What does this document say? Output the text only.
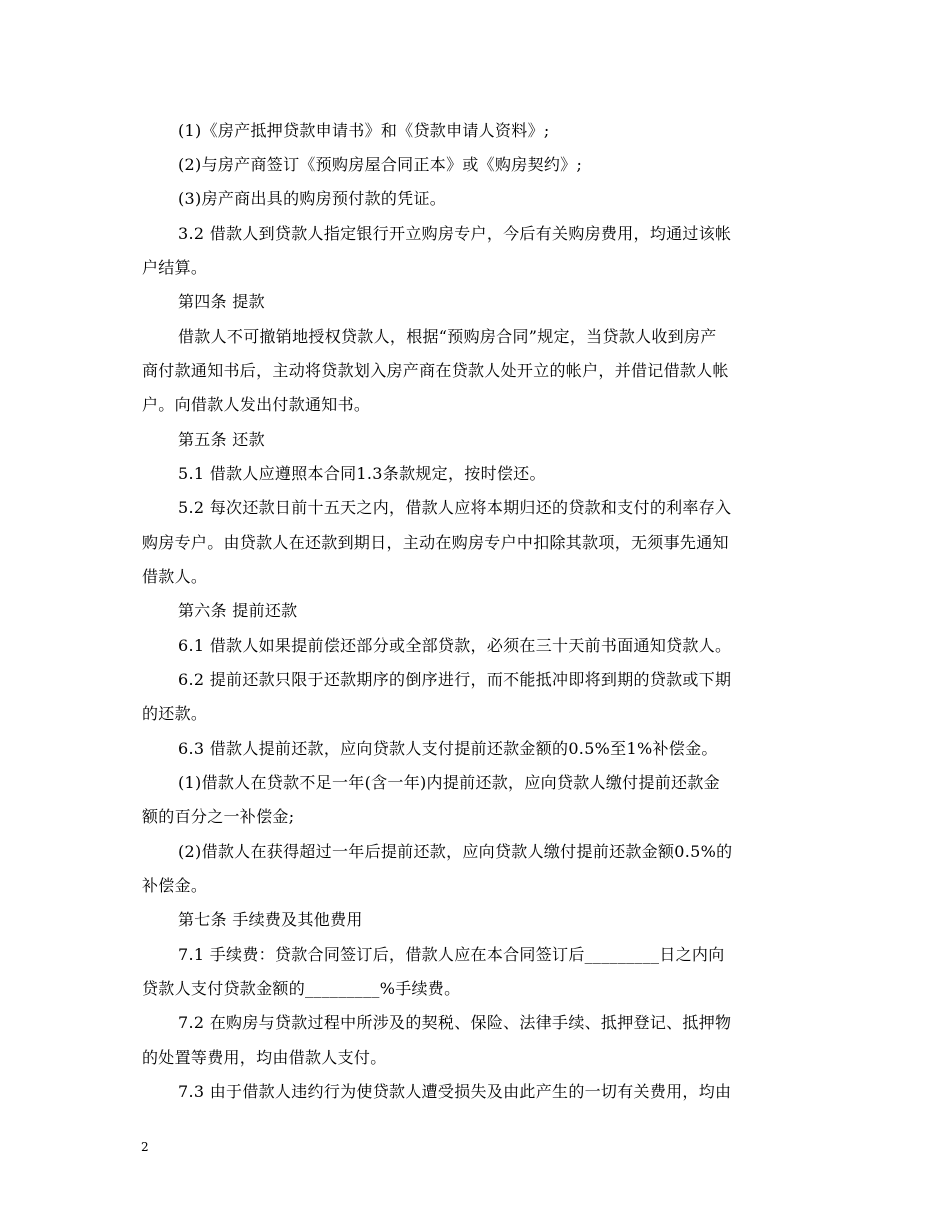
(1)《房产抵押贷款申请书》和《贷款申请人资料》;
(2)与房产商签订《预购房屋合同正本》或《购房契约》;
(3)房产商出具的购房预付款的凭证。
3.2 借款人到贷款人指定银行开立购房专户，今后有关购房费用，均通过该帐
户结算。
第四条 提款
借款人不可撤销地授权贷款人，根据“预购房合同”规定，当贷款人收到房产
商付款通知书后，主动将贷款划入房产商在贷款人处开立的帐户，并借记借款人帐
户。向借款人发出付款通知书。
第五条 还款
5.1 借款人应遵照本合同1.3条款规定，按时偿还。
5.2 每次还款日前十五天之内，借款人应将本期归还的贷款和支付的利率存入
购房专户。由贷款人在还款到期日，主动在购房专户中扣除其款项，无须事先通知
借款人。
第六条 提前还款
6.1 借款人如果提前偿还部分或全部贷款，必须在三十天前书面通知贷款人。
6.2 提前还款只限于还款期序的倒序进行，而不能抵冲即将到期的贷款或下期
的还款。
6.3 借款人提前还款，应向贷款人支付提前还款金额的0.5%至1%补偿金。
(1)借款人在贷款不足一年(含一年)内提前还款，应向贷款人缴付提前还款金
额的百分之一补偿金;
(2)借款人在获得超过一年后提前还款，应向贷款人缴付提前还款金额0.5%的
补偿金。
第七条 手续费及其他费用
7.1 手续费：贷款合同签订后，借款人应在本合同签订后_________日之内向
贷款人支付贷款金额的_________%手续费。
7.2 在购房与贷款过程中所涉及的契税、保险、法律手续、抵押登记、抵押物
的处置等费用，均由借款人支付。
7.3 由于借款人违约行为使贷款人遭受损失及由此产生的一切有关费用，均由
2
